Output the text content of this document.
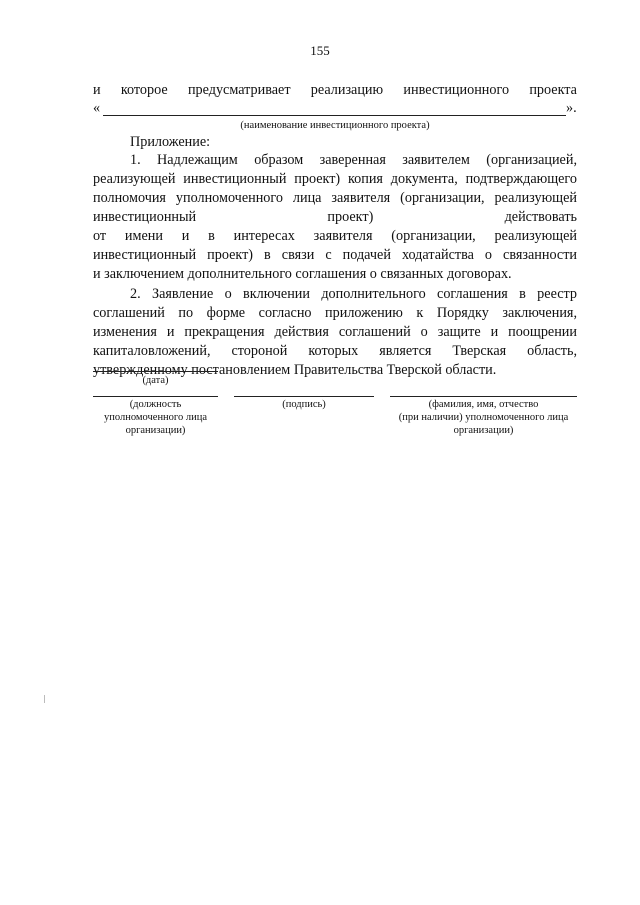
155
и которое предусматривает реализацию инвестиционного проекта
«	».
(наименование инвестиционного проекта)
Приложение:
1. Надлежащим образом заверенная заявителем (организацией,
реализующей инвестиционный проект) копия документа, подтверждающего
полномочия уполномоченного лица заявителя (организации, реализующей
инвестиционный проект) действовать
от имени и в интересах заявителя (организации, реализующей
инвестиционный проект) в связи с подачей ходатайства о связанности
и заключением дополнительного соглашения о связанных договорах.
2. Заявление о включении дополнительного соглашения в реестр
соглашений по форме согласно приложению к Порядку заключения,
изменения и прекращения действия соглашений о защите и поощрении
капиталовложений, стороной которых является Тверская область,
утвержденному постановлением Правительства Тверской области.
(дата)
(должность
уполномоченного лица
организации)
(подпись)	(фамилия, имя, отчество
(при наличии) уполномоченного лица
организации)
